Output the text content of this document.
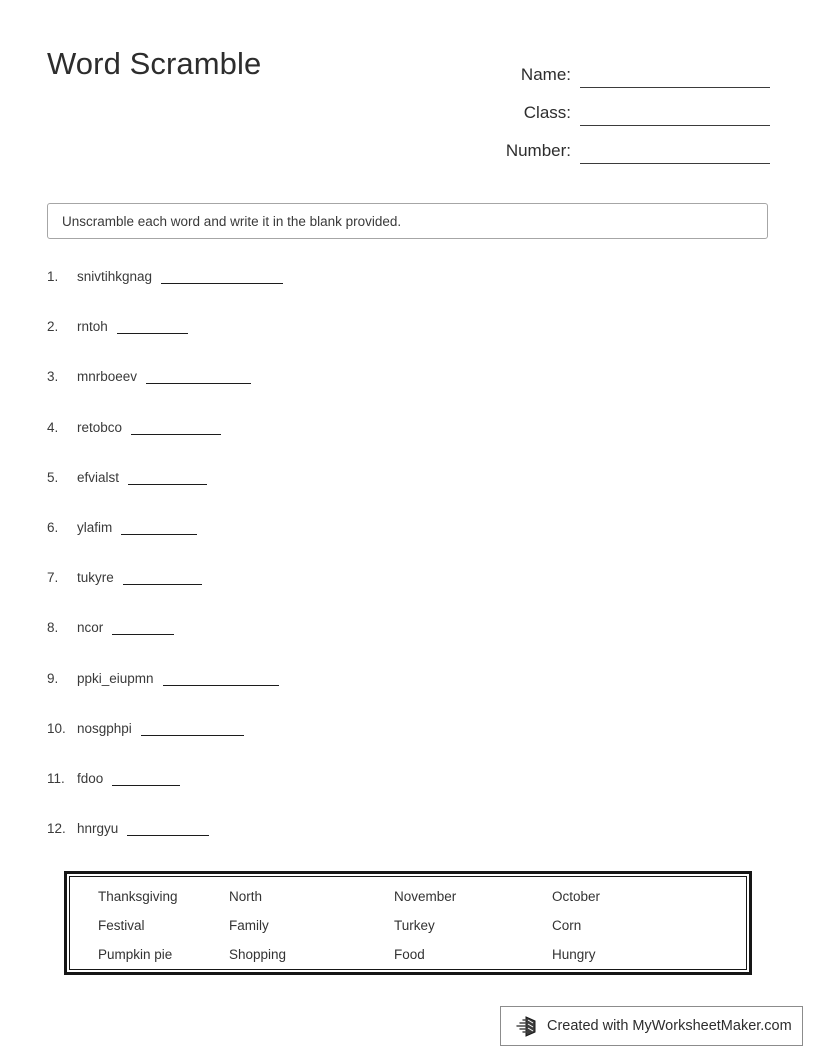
Word Scramble	Name:
Class:
Number:
Unscramble each word and write it in the blank provided.
1.	snivtihkgnag
2.	rntoh
3.	mnrboeev
4.	retobco
5.	efvialst
6.	ylafim
7.	tukyre
8.	ncor
9.	ppki_eiupmn
10. nosgphpi
11. fdoo
12. hnrgyu
Thanksgiving	North	November	October
Festival	Family	Turkey	Corn
Pumpkin pie	Shopping	Food	Hungry
Created with MyWorksheetMaker.com
